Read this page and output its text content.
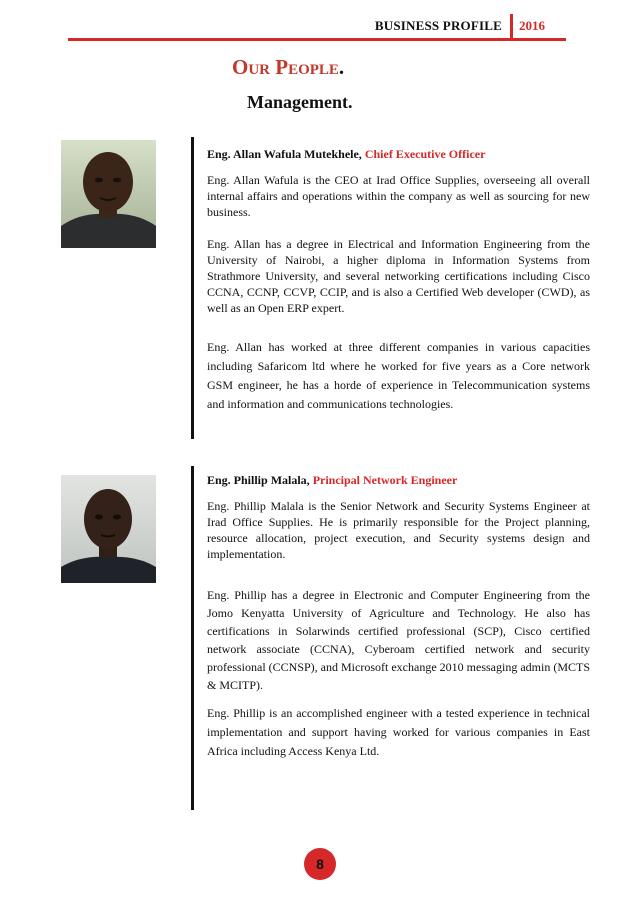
BUSINESS PROFILE 2016
Our People.
Management.

Eng. Allan Wafula Mutekhele, Chief Executive Officer

Eng. Allan Wafula is the CEO at Irad Office Supplies, overseeing all overall internal affairs and operations within the company as well as sourcing for new business.

Eng. Allan has a degree in Electrical and Information Engineering from the University of Nairobi, a higher diploma in Information Systems from Strathmore University, and several networking certifications including Cisco CCNA, CCNP, CCVP, CCIP, and is also a Certified Web developer (CWD), as well as an Open ERP expert.

Eng. Allan has worked at three different companies in various capacities including Safaricom ltd where he worked for five years as a Core network GSM engineer, he has a horde of experience in Telecommunication systems and information and communications technologies.

Eng. Phillip Malala, Principal Network Engineer

Eng. Phillip Malala is the Senior Network and Security Systems Engineer at Irad Office Supplies. He is primarily responsible for the Project planning, resource allocation, project execution, and Security systems design and implementation.

Eng. Phillip has a degree in Electronic and Computer Engineering from the Jomo Kenyatta University of Agriculture and Technology. He also has certifications in Solarwinds certified professional (SCP), Cisco certified network associate (CCNA), Cyberoam certified network and security professional (CCNSP), and Microsoft exchange 2010 messaging admin (MCTS & MCITP).

Eng. Phillip is an accomplished engineer with a tested experience in technical implementation and support having worked for various companies in East Africa including Access Kenya Ltd.

8
